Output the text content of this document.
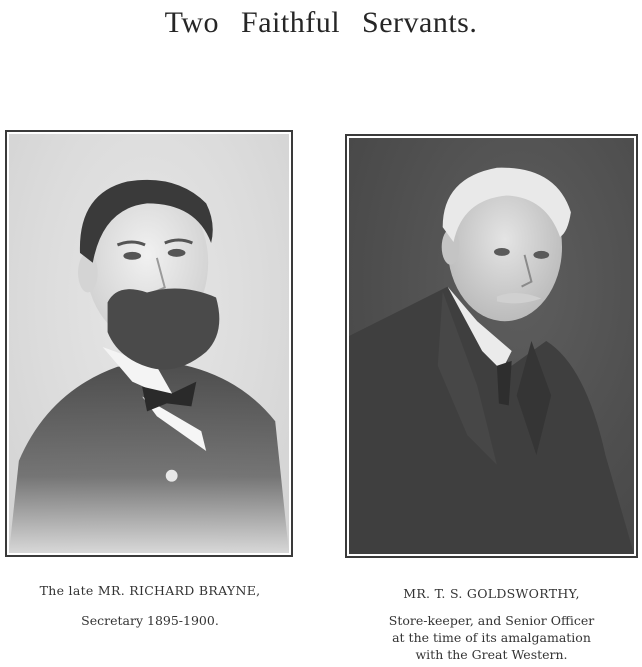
Two Faithful Servants.
The late MR. RICHARD BRAYNE,
Secretary 1895-1900.
MR. T. S. GOLDSWORTHY,
Store-keeper, and Senior Officer
at the time of its amalgamation
with the Great Western.
